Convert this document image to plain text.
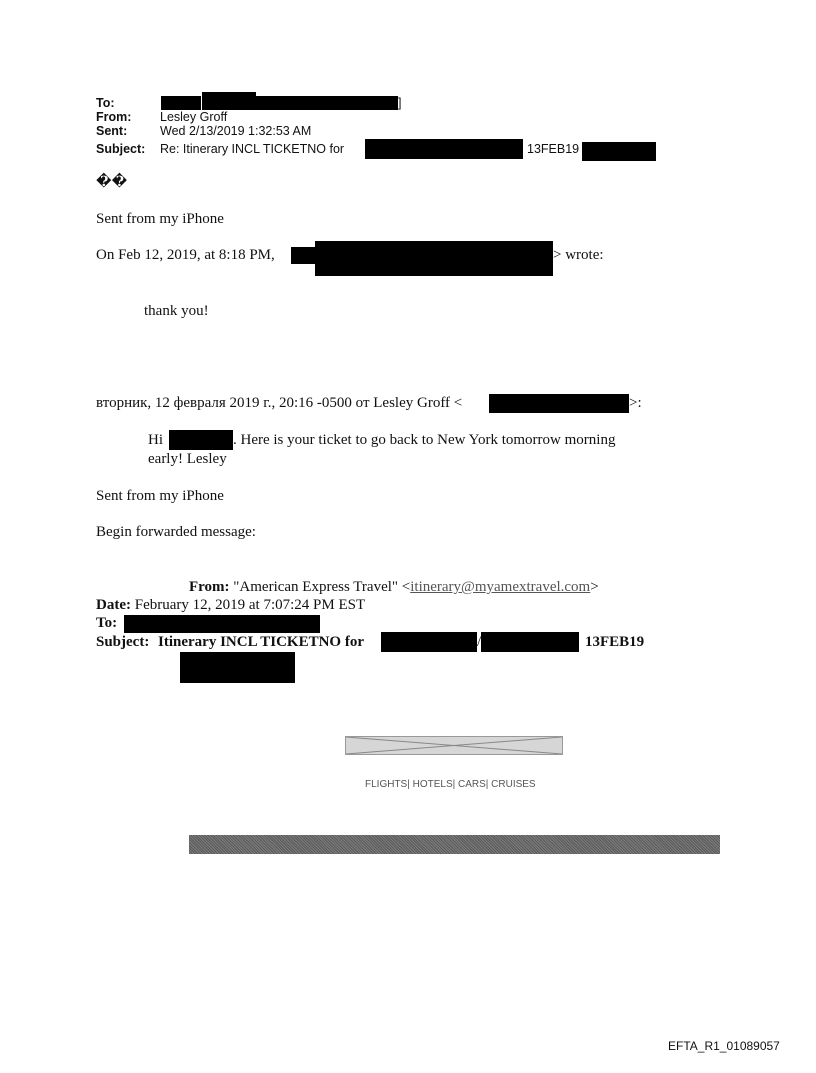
To:	]
From: Lesley Groff
Sent:	Wed 2/13/2019 1:32:53 AM
Subject: Re: Itinerary INCL TICKETNO for	13FEB19
��
Sent from my iPhone
On Feb 12, 2019, at 8:18 PM,	> wrote:
thank you!
вторник, 12 февраля 2019 г., 20:16 -0500 от Lesley Groff <	>:
Hi	. Here is your ticket to go back to New York tomorrow morning
early! Lesley
Sent from my iPhone
Begin forwarded message:
From: "American Express Travel" <itinerary@myamextravel.com>
Date: February 12, 2019 at 7:07:24 PM EST
To:
Subject: Itinerary INCL TICKETNO for	/	13FEB19
FLIGHTS| HOTELS| CARS| CRUISES
EFTA_R1_01089057
